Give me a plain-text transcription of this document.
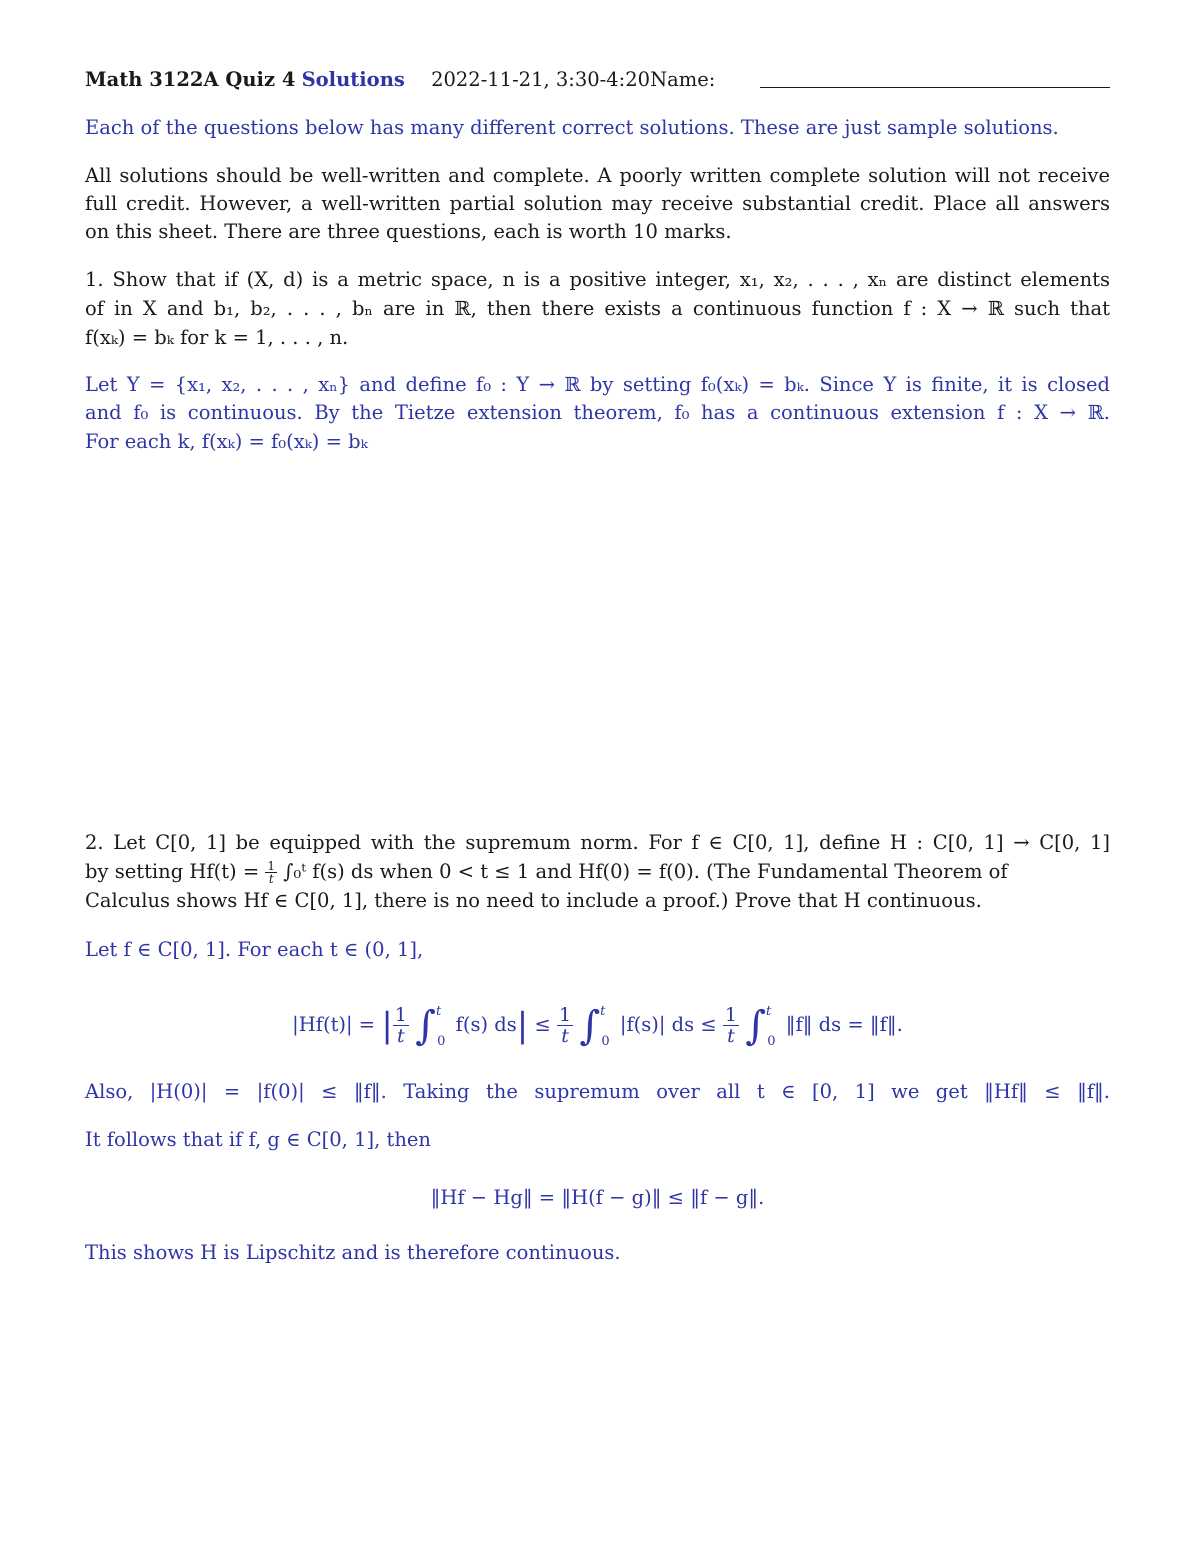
Math 3122A Quiz 4 Solutions 2022-11-21, 3:30-4:20Name:
Each of the questions below has many different correct solutions. These are just sample solutions.
All solutions should be well-written and complete. A poorly written complete solution will not receive
full credit. However, a well-written partial solution may receive substantial credit. Place all answers
on this sheet. There are three questions, each is worth 10 marks.
1. Show that if (X, d) is a metric space, n is a positive integer, x₁, x₂, . . . , xₙ are distinct elements
of in X and b₁, b₂, . . . , bₙ are in ℝ, then there exists a continuous function f : X → ℝ such that
f(xₖ) = bₖ for k = 1, . . . , n.
Let Y = {x₁, x₂, . . . , xₙ} and define f₀ : Y → ℝ by setting f₀(xₖ) = bₖ. Since Y is finite, it is closed
and f₀ is continuous. By the Tietze extension theorem, f₀ has a continuous extension f : X → ℝ.
For each k, f(xₖ) = f₀(xₖ) = bₖ
2. Let C[0, 1] be equipped with the supremum norm. For f ∈ C[0, 1], define H : C[0, 1] → C[0, 1]
by setting $Hf(t) = \frac{1}{t}$ ∫₀ᵗ f(s) ds when 0 < t ≤ 1 and Hf(0) = f(0). (The Fundamental Theorem of
Calculus shows Hf ∈ C[0, 1], there is no need to include a proof.) Prove that H continuous.
Let f ∈ C[0, 1]. For each t ∈ (0, 1],
|Hf(t)| = | $\frac{1}{t} \int^t_0$ f(s) $ds| \le \frac{1}{t} \int^t_0$ |f(s)| ds ≤ $\frac{1}{t} \int^t_0$ ‖f‖ ds = ‖f‖.
Also, |H(0)| = |f(0)| ≤ ‖f‖. Taking the supremum over all t ∈ [0, 1] we get ‖Hf‖ ≤ ‖f‖.
It follows that if f, g ∈ C[0, 1], then
‖Hf − Hg‖ = ‖H(f − g)‖ ≤ ‖f − g‖.
This shows H is Lipschitz and is therefore continuous.
